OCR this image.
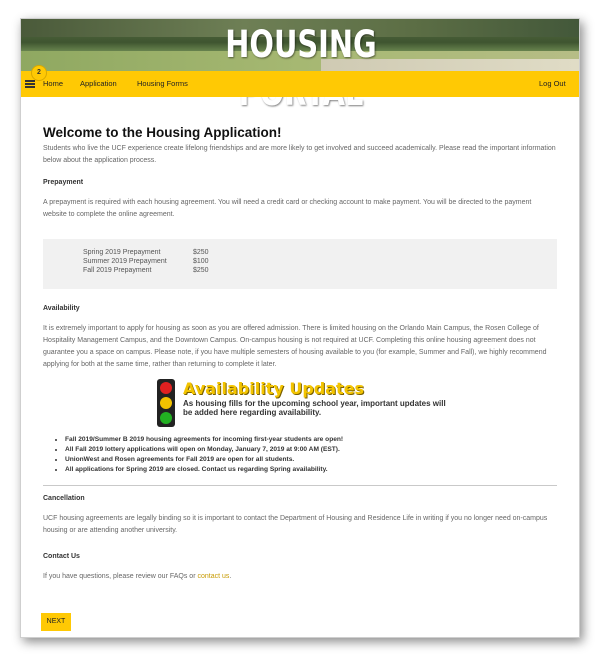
HOUSING
2
Home Application	Housing Forms	Log Out
Welcome to the Housing Application!
Students who live the UCF experience create lifelong friendships and are more likely to get involved and succeed academically. Please read the important information below about the application process.
Prepayment
A prepayment is required with each housing agreement. You will need a credit card or checking account to make payment. You will be directed to the payment website to complete the online agreement.
Spring 2019 Prepayment	$250
Summer 2019 Prepayment	$100
Fall 2019 Prepayment	$250
Availability
It is extremely important to apply for housing as soon as you are offered admission. There is limited housing on the Orlando Main Campus, the Rosen College of Hospitality Management Campus, and the Downtown Campus. On-campus housing is not required at UCF. Completing this online housing agreement does not guarantee you a space on campus. Please note, if you have multiple semesters of housing available to you (for example, Summer and Fall), we highly recommend applying for both at the same time, rather than returning to complete it later.
Availability Updates
As housing fills for the upcoming school year, important updates will be added here regarding availability.
• Fall 2019/Summer B 2019 housing agreements for incoming first-year students are open!
• All Fall 2019 lottery applications will open on Monday, January 7, 2019 at 9:00 AM (EST).
• UnionWest and Rosen agreements for Fall 2019 are open for all students.
• All applications for Spring 2019 are closed. Contact us regarding Spring availability.
Cancellation
UCF housing agreements are legally binding so it is important to contact the Department of Housing and Residence Life in writing if you no longer need on-campus housing or are attending another university.
Contact Us
If you have questions, please review our FAQs or contact us.
NEXT
